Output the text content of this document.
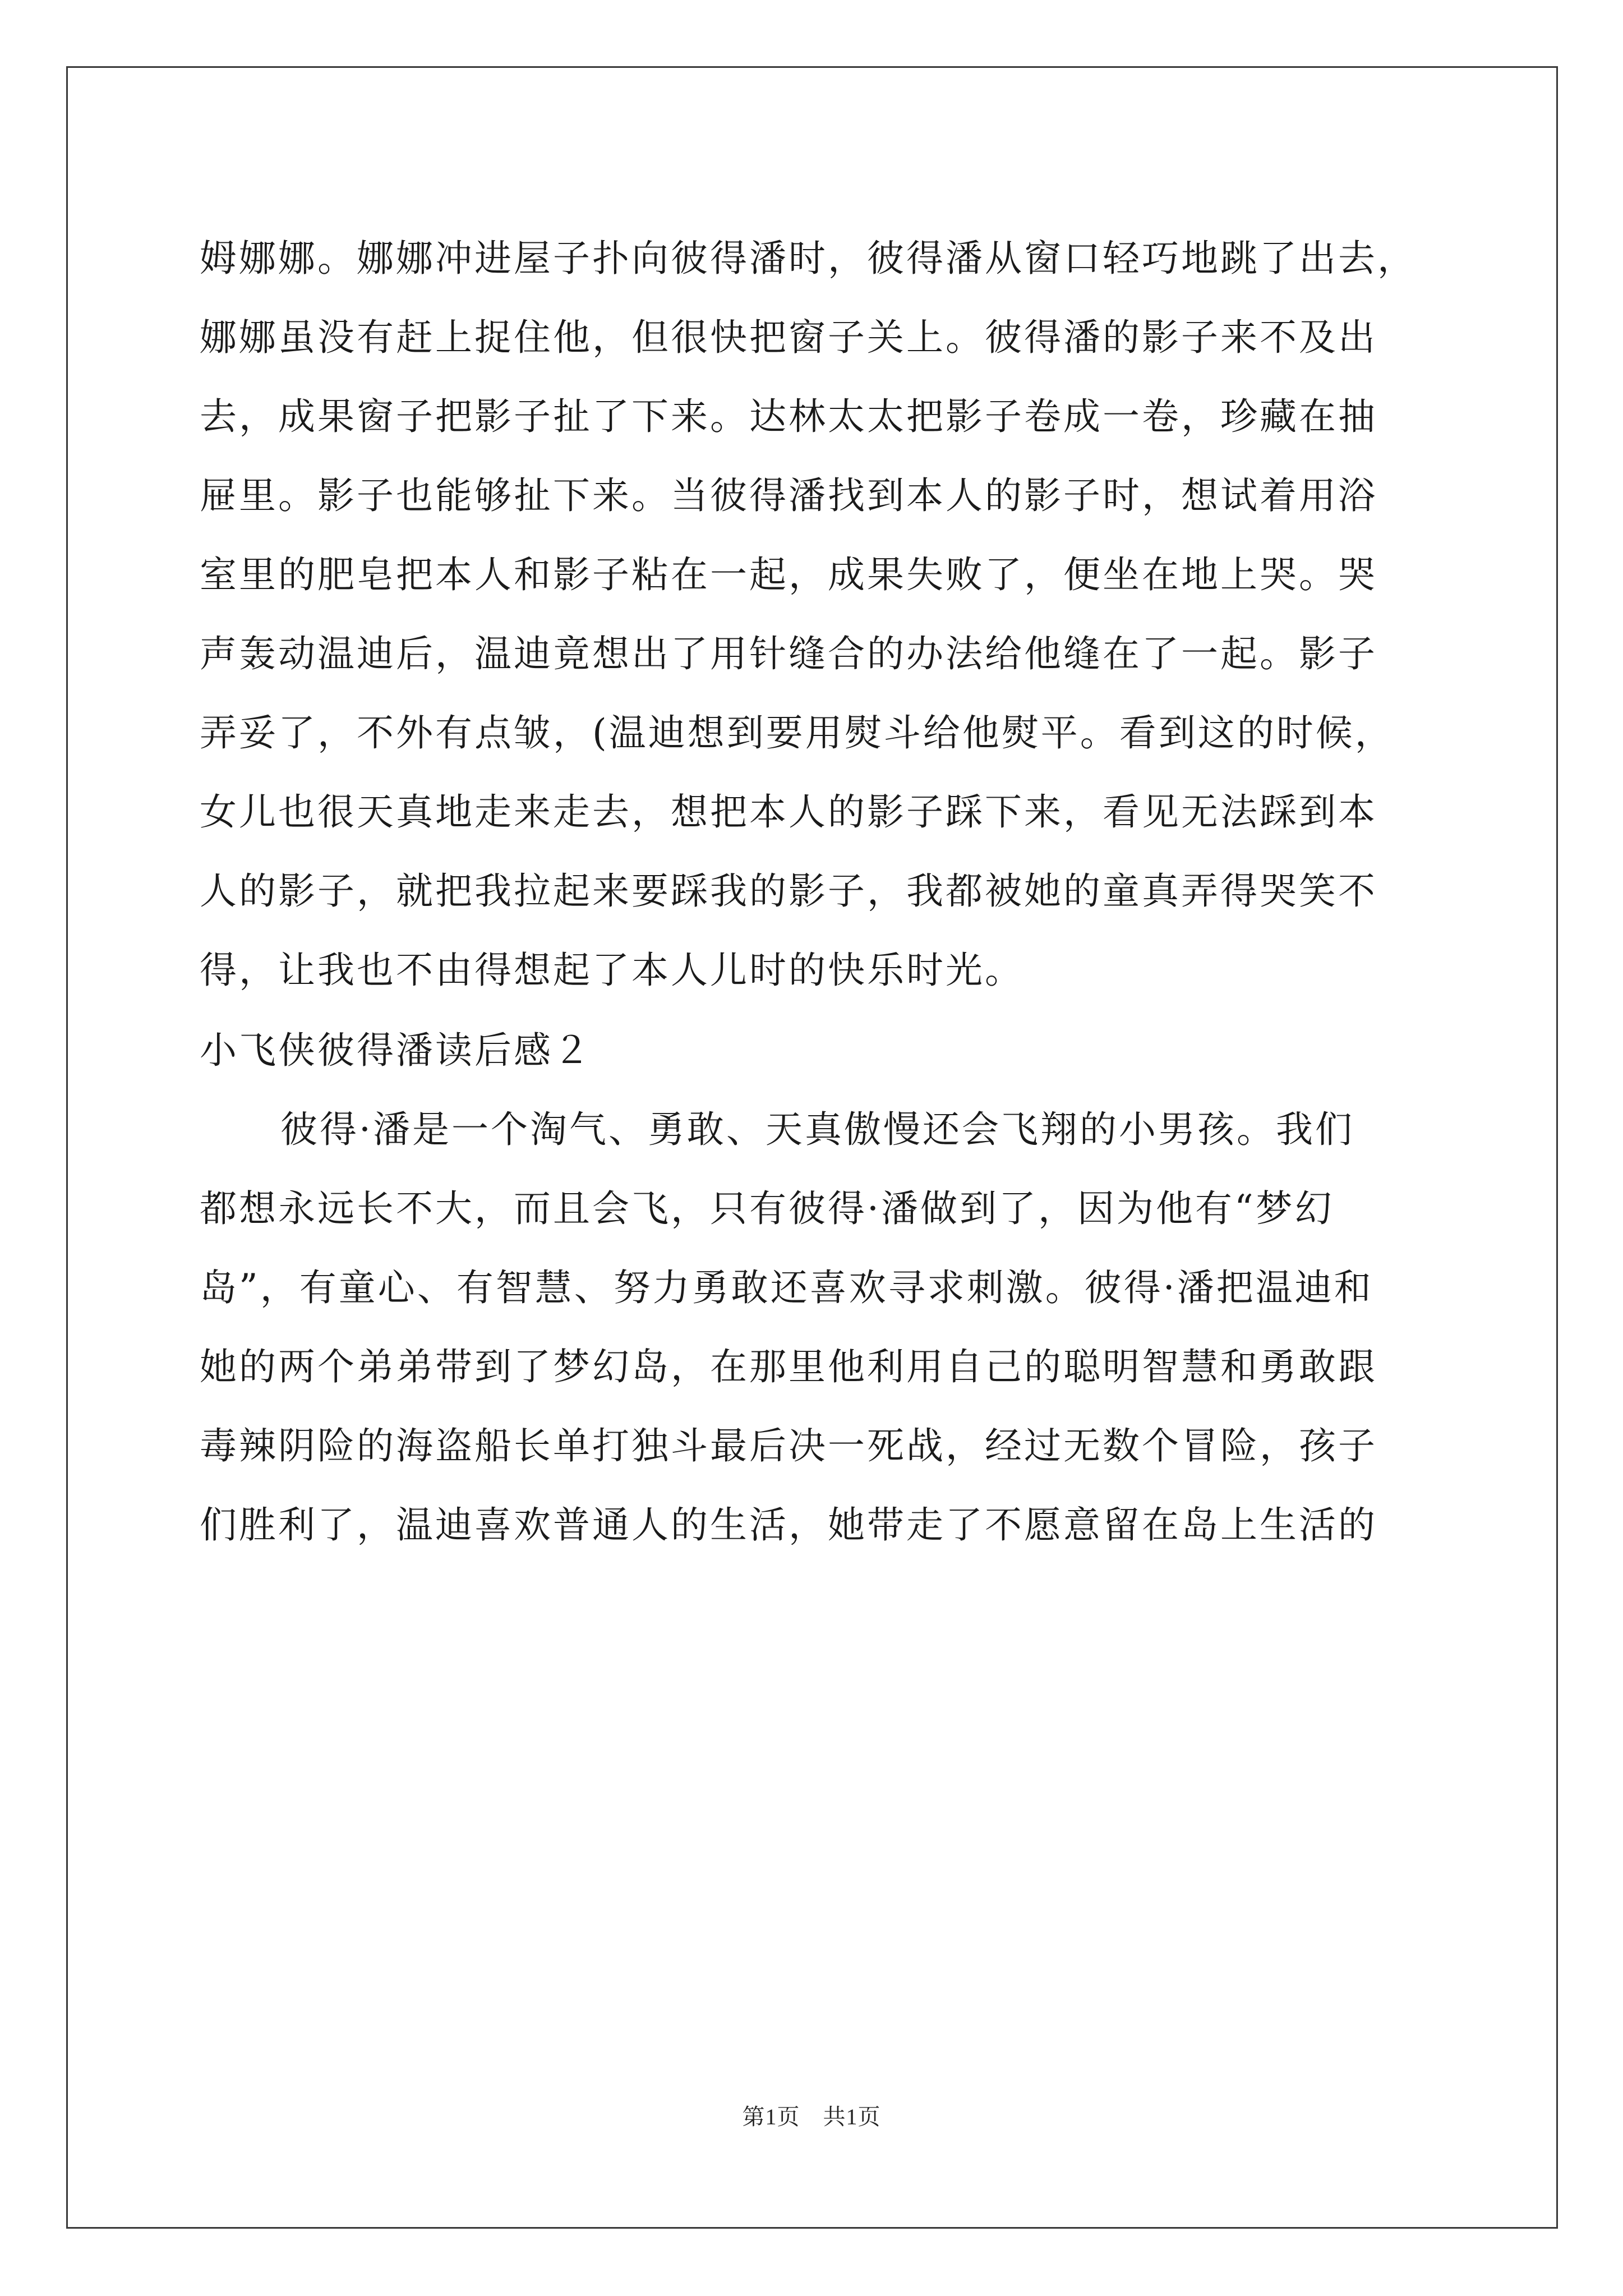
姆娜娜。娜娜冲进屋子扑向彼得潘时，彼得潘从窗口轻巧地跳了出去，
娜娜虽没有赶上捉住他，但很快把窗子关上。彼得潘的影子来不及出
去，成果窗子把影子扯了下来。达林太太把影子卷成一卷，珍藏在抽
屉里。影子也能够扯下来。当彼得潘找到本人的影子时，想试着用浴
室里的肥皂把本人和影子粘在一起，成果失败了，便坐在地上哭。哭
声轰动温迪后，温迪竟想出了用针缝合的办法给他缝在了一起。影子
弄妥了，不外有点皱，(温迪想到要用熨斗给他熨平。看到这的时候，
女儿也很天真地走来走去，想把本人的影子踩下来，看见无法踩到本
人的影子，就把我拉起来要踩我的影子，我都被她的童真弄得哭笑不
得，让我也不由得想起了本人儿时的快乐时光。
小飞侠彼得潘读后感２
彼得·潘是一个淘气、勇敢、天真傲慢还会飞翔的小男孩。我们
都想永远长不大，而且会飞，只有彼得·潘做到了，因为他有“梦幻
岛”，有童心、有智慧、努力勇敢还喜欢寻求刺激。彼得·潘把温迪和
她的两个弟弟带到了梦幻岛，在那里他利用自己的聪明智慧和勇敢跟
毒辣阴险的海盗船长单打独斗最后决一死战，经过无数个冒险，孩子
们胜利了，温迪喜欢普通人的生活，她带走了不愿意留在岛上生活的
第1页　共1页
